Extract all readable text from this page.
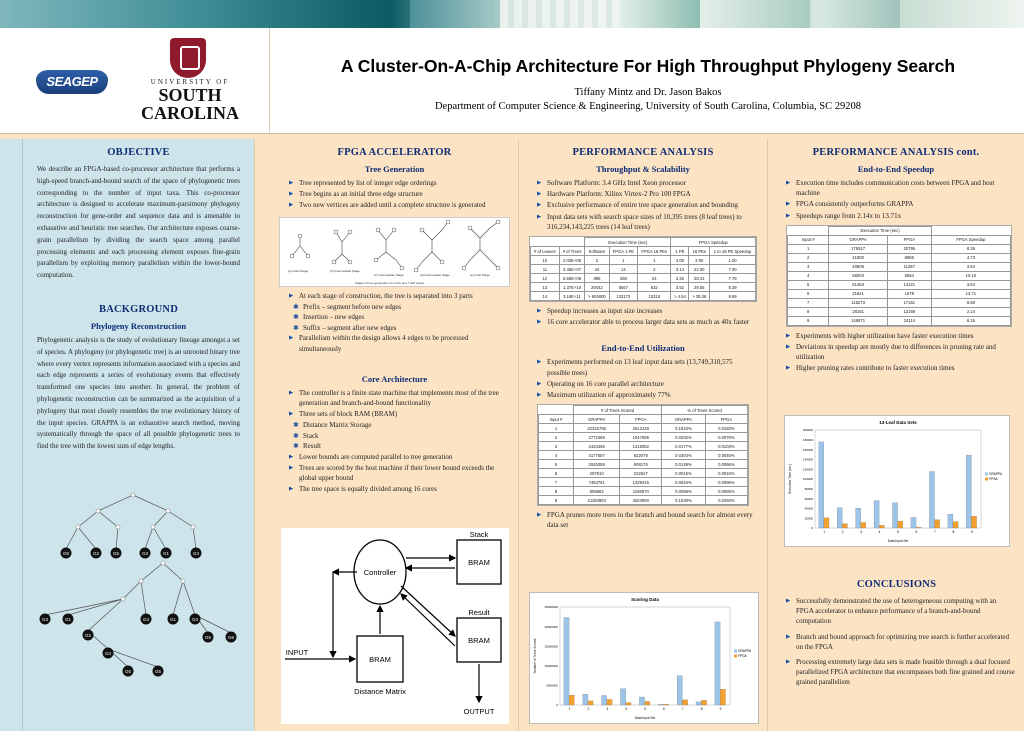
SEAGEP	UNIVERSITY OF
SOUTH
CAROLINA
A Cluster-On-A-Chip Architecture For High Throughput Phylogeny Search
Tiffany Mintz and Dr. Jason Bakos
Department of Computer Science & Engineering, University of South Carolina, Columbia, SC 29208
OBJECTIVE

We describe an FPGA-based co-processor architecture that performs a high-speed branch-and-bound search of the space of phylogenetic trees corresponding to the number of input taxa. This co-processor architecture is designed to accelerate maximum-parsimony phylogeny reconstruction for gene-order and sequence data and is amenable to exhaustive and heuristic tree searches. Our architecture exposes coarse-grain parallelism by dividing the search space among parallel processing elements and each processing element exposes fine-grain parallelism by exploiting memory parallelism within the lower-bound computation.

BACKGROUND
Phylogeny Reconstruction

Phylogenetic analysis is the study of evolutionary lineage amongst a set of species. A phylogeny (or phylogenetic tree) is an unrooted binary tree where every vertex represents information associated with a species and each edge represents a series of evolutionary events that effectively transformed one species into another. In general, the problem of phylogenetic reconstruction can be summarized as the acquisition of a phylogeny that most closely resembles the true evolutionary history of the input species. GRAPPA is an exhaustive search method, moving systematically through the space of all possible phylogenetic trees to find the tree with the lowest sum of edge lengths.

G6	G2	G5	G3	G1	G4
G3	G1	G4	G1	G3
G2	G5	G6
G4
G6	G5
FPGA ACCELERATOR
Tree Generation
▶ Tree represented by list of integer edge orderings
▶ Tree begins as an initial three edge structure
▶ Two new vertices are added until a complete structure is generated
(a) Initial Stage	(b) Intermediate Stage
(c) Intermediate Stage	(d) Intermediate Stage	(e) Final Stage
Stages of tree generation for a five and 7 leaf nodes
▶ At each stage of construction, the tree is separated into 3 parts
✱ Prefix – segment before new edges
✱ Insertion – new edges
✱ Suffix – segment after new edges
▶ Parallelism within the design allows 4 edges to be processed simultaneously
Core Architecture
▶ The controller is a finite state machine that implements most of the tree generation and branch-and-bound functionality
▶ Three sets of block RAM (BRAM)
✱ Distance Matrix Storage
✱ Stack
✱ Result
▶ Lower bounds are computed parallel to tree generation
▶ Trees are scored by the host machine if their lower bound exceeds the global upper bound
▶ The tree space is equally divided among 16 cores
Controller
Stack
BRAM
Result
BRAM
BRAM
INPUT
OUTPUT
Distance Matrix
PERFORMANCE ANALYSIS
Throughput & Scalability
▶ Software Platform: 3.4 GHz Intel Xeon processor
▶ Hardware Platform: Xilinx Virtex-2 Pro 100 FPGA
▶ Exclusive performance of entire tree space generation and bounding
▶ Input data sets with search space sizes of 10,395 trees (8 leaf trees) to 316,234,143,225 trees (14 leaf trees)
		Execution Time (sec)			FPGA Speedup		
# of Leaves	# of Trees	Software	FPGA 1 PE	FPGA 16 PEs	1 PE	16 PEs	1 to 16 PE Speedup
10	2.03E+06	2	1	1	2.00	2.00	1.00
11	3.45E+07	44	14	2	3.14	22.00	7.00
12	6.55E+08	898	369	24	3.26	28.41	7.79
13	1.37E+10	20442	5567	632	3.52	29.55	8.39
14	3.16E+11	> 604800	133172	15316	> 4.54	> 39.38	8.69
▶ Speedup increases as input size increases
▶ 16 core accelerator able to process larger data sets as much as 40x faster
End-to-End Utilization
▶ Experiments performed on 13 leaf input data sets (13,749,310,575 possible trees)
▶ Operating on 16 core parallel architecture
▶ Maximum utilization of approximately 77%
	# of Trees Scored		% of Trees Scored	
Input #	GRAPPA	FPGA	GRAPPA	FPGA
1	22315765	2512228	0.1623%	0.0183%
2	2772489	1047695	0.0202%	0.0076%
3	2434466	1415052	0.0177%	0.0103%
4	4177587	622079	0.0304%	0.0045%
5	2045359	908176	0.0149%	0.0066%
6	207910	222527	0.0015%	0.0016%
7	7463751	1329415	0.0544%	0.0096%
8	805862	1166670	0.0059%	0.0085%
9	21193803	4023900	0.1539%	0.0293%
▶ FPGA prunes more trees in the branch and bound search for almost every data set
Scoring Data
0
5000000
10000000
15000000
20000000
25000000
1	2	3	4	5	6	7	8	9
Data Input Set
Number of Trees Scored	GRAPPA
FPGA
PERFORMANCE ANALYSIS cont.
End-to-End Speedup
▶ Execution time includes communication costs between FPGA and host machine
▶ FPGA consistently outperforms GRAPPA
▶ Speedups range from 2.14x to 13.71x
	Execution Time (sec)		
Input #	GRAPPA	FPGA	FPGA Speedup
1	175917	20795	8.36
2	41500	8886	4.73
3	40605	11267	3.64
4	56003	5554	10.10
5	51453	14121	3.64
6	21641	1578	13.71
7	115273	17161	6.68
8	28161	13168	2.14
9	148871	24114	6.16
▶ Experiments with higher utilization have faster execution times
▶ Deviations in speedup are mostly due to differences in pruning rate and utilization
▶ Higher pruning rates contribute to faster execution times
13-Leaf Data Sets
0
20000
40000
60000
80000
100000
120000
140000
160000
180000
200000
1	2	3	4	5	6	7	8	9
Data Input Set
Execution Time (sec)	GRAPPA
FPGA
CONCLUSIONS
▶ Successfully demonstrated the use of heterogeneous computing with an FPGA accelerator to enhance performance of a branch-and-bound computation
▶ Branch and bound approach for optimizing tree search is further accelerated on the FPGA
▶ Processing extremely large data sets is made feasible through a dual focused parallelized FPGA architecture that encompasses both fine grained and course grained parallelism
